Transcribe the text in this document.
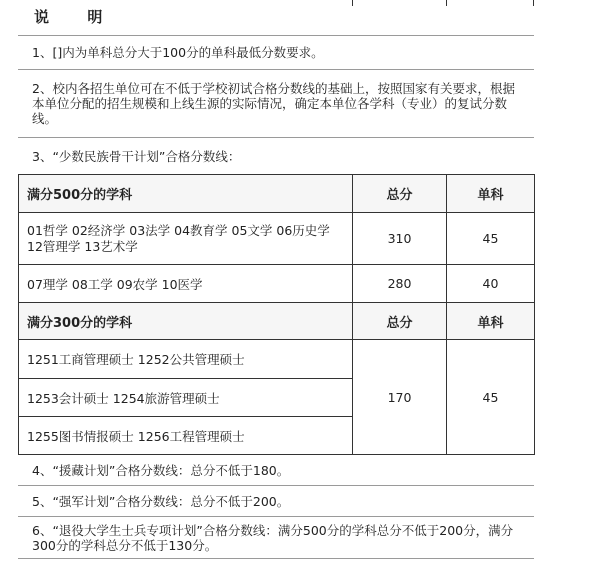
说      明
1、[]内为单科总分大于100分的单科最低分数要求。
2、校内各招生单位可在不低于学校初试合格分数线的基础上，按照国家有关要求，根据本单位分配的招生规模和上线生源的实际情况，确定本单位各学科（专业）的复试分数线。
3、“少数民族骨干计划”合格分数线：
满分500分的学科	总分	单科
01哲学 02经济学 03法学 04教育学 05文学 06历史学 12管理学 13艺术学	310	45
07理学 08工学 09农学 10医学	280	40
满分300分的学科	总分	单科
1251工商管理硕士 1252公共管理硕士	170	45
1253会计硕士 1254旅游管理硕士		
1255图书情报硕士 1256工程管理硕士		
4、“援藏计划”合格分数线：总分不低于180。
5、“强军计划”合格分数线：总分不低于200。
6、“退役大学生士兵专项计划”合格分数线：满分500分的学科总分不低于200分，满分300分的学科总分不低于130分。
